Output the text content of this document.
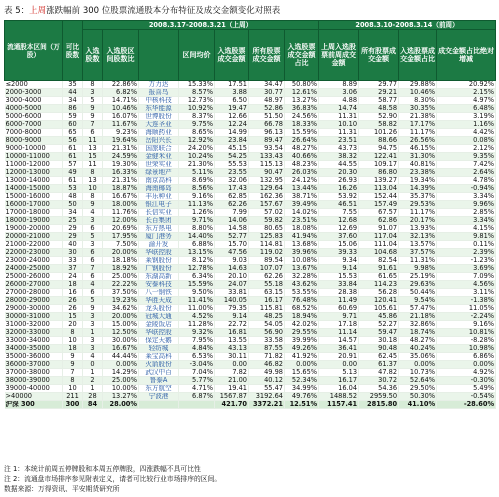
表 5：上周涨跌幅前 300 位股票流通股本分布特征及成交金额变化对照表
流通股本区间（万股）	可比股数	2008.3.17-2008.3.21（上周）							2008.3.10-2008.3.14（前周）			
		入选股数	入选股区间股数比		区间均价	入选股票成交金额	所有股票成交金额	入选股票成交金额占比	上周入选股票前周成交金额	所有股票成交金额	入选股票成交金额占比	成交金额占比绝对增减
≤2000	35	8	22.86%	万力达	15.33%	17.51	34.47	50.80%	8.89	29.77	29.88%	20.92%
2000-3000	44	3	6.82%	报喜鸟	8.57%	3.88	30.77	12.61%	3.06	29.21	10.46%	2.15%
3000-4000	34	5	14.71%	中核科技	12.73%	6.50	48.97	13.27%	4.88	58.77	8.30%	4.97%
4000-5000	86	9	10.46%	东华能源	10.92%	19.47	52.86	36.83%	14.74	48.58	30.35%	6.48%
5000-6000	59	9	16.07%	世博股份	8.37%	12.66	51.50	24.56%	11.31	52.90	21.38%	3.19%
6000-7000	60	7	11.67%	大连圣亚	9.75%	12.24	66.78	18.33%	10.10	58.82	17.17%	1.16%
7000-8000	65	6	9.23%	海顺药业	8.65%	14.99	96.13	15.59%	11.31	101.26	11.17%	4.42%
8000-9000	56	11	19.64%	岳阳兴长	12.92%	23.84	89.47	26.64%	23.51	88.66	26.56%	0.08%
9000-10000	61	13	21.31%	国旅联合	24.20%	45.15	93.54	48.27%	43.73	94.75	46.15%	2.12%
10000-11000	61	15	24.59%	金健米业	10.24%	54.25	133.43	40.66%	38.32	122.41	31.30%	9.35%
11000-12000	57	11	19.30%	世荣实业	21.30%	55.53	115.13	48.23%	44.55	109.17	40.81%	7.42%
12000-13000	49	8	16.33%	绿景地产	5.11%	23.55	90.47	26.03%	20.30	86.80	23.38%	2.64%
13000-14000	61	13	21.31%	南京高科	8.69%	32.06	132.95	24.12%	26.93	139.27	19.34%	4.78%
14000-15000	53	10	18.87%	海南椰岛	8.56%	17.43	129.64	13.44%	16.26	113.04	14.39%	-0.94%
15000-16000	48	8	16.67%	丰乐种业	9.16%	62.85	162.36	38.71%	53.92	152.44	35.37%	3.34%
16000-17000	50	9	18.00%	银江电子	11.13%	62.26	157.67	39.49%	46.51	157.49	29.53%	9.96%
17000-18000	34	4	11.76%	长信实业	1.26%	7.99	57.02	14.02%	7.55	67.57	11.17%	2.85%
18000-19000	25	3	12.00%	长百集团	9.71%	14.06	59.82	23.51%	12.68	62.86	20.17%	3.34%
19000-20000	29	6	20.69%	东方热电	8.80%	14.58	80.65	18.08%	12.69	91.07	13.93%	4.15%
20000-21000	29	5	17.95%	厦门港务	14.40%	52.77	125.83	41.94%	37.60	117.04	32.13%	9.81%
21000-22000	40	3	7.50%	渝开发	6.88%	15.70	114.81	13.68%	15.06	111.04	13.57%	0.11%
22000-23000	30	6	20.00%	华联控股	13.15%	47.56	119.02	39.96%	39.33	104.68	37.57%	2.39%
23000-24000	33	6	18.18%	莱钢股份	8.12%	9.03	89.54	10.08%	9.34	82.54	11.31%	-1.23%
24000-25000	37	7	18.92%	广钢股份	12.78%	14.63	107.07	13.67%	9.14	91.61	9.98%	3.69%
25000-26000	24	6	25.00%	东湖高新	6.34%	20.10	62.26	32.28%	15.53	61.65	25.19%	7.09%
26000-27000	18	4	22.22%	安泰科技	15.59%	24.07	55.18	43.62%	33.84	114.23	29.63%	4.56%
27000-28000	16	6	37.50%	八一钢铁	9.50%	33.81	63.15	53.55%	28.38	56.28	50.44%	3.11%
28000-29000	26	5	19.23%	华胜天成	11.41%	140.05	16.17	76.48%	11.49	120.41	9.54%	-1.38%
29000-30000	26	9	34.62%	龙头股份	11.00%	79.35	115.81	68.52%	60.69	105.61	57.47%	11.05%
30000-31000	15	3	20.00%	冠城大通	4.52%	9.14	48.25	18.94%	9.71	45.86	21.18%	-2.24%
31000-32000	20	3	15.00%	金陵饭店	11.28%	22.72	54.05	42.02%	17.18	52.27	32.86%	9.16%
32000-33000	8	1	12.50%	华联控股	9.32%	16.81	56.90	29.55%	11.14	59.47	18.74%	10.81%
33000-34000	10	3	30.00%	保定天鹅	7.95%	13.55	33.58	39.99%	14.57	30.18	48.27%	-8.28%
34000-35000	18	3	16.67%	轻纺城	4.84%	43.13	87.55	49.26%	36.41	90.48	40.24%	10.98%
35000-36000	9	4	44.44%	莱宝高科	6.53%	30.11	71.82	41.92%	20.91	62.45	35.06%	6.86%
36000-37000	9	0	0.00%	火箭股份	-3.04%	0.00	46.82	0.00%	0.00	61.37	0.00%	0.00%
37000-38000	7	1	14.29%	武汉中百	7.04%	7.82	49.98	15.65%	5.13	47.82	10.73%	4.92%
38000-39000	8	2	25.00%	鲁泰A	5.77%	21.00	40.12	52.34%	16.17	30.72	52.64%	-0.30%
39000-40000	10	1	10.00%	东方航空	4.71%	19.41	55.47	34.99%	16.04	54.36	29.50%	5.49%
>40000	211	28	13.27%	宁波港	6.87%	1567.87	3192.64	49.76%	1488.52	2959.50	50.30%	-0.54%
沪深 300	300	84	28.00%			421.70	3372.21	12.51%	1157.41	2815.80	41.10%	-28.60%
注 1：本统计前周五停牌股和本周五停牌股，四涨跌幅不具可比性
注 2：流通盘市场排序参见附表定义，请者可比较行业市场排序的区间。
数据来源：万得资讯、平安期货研究所
